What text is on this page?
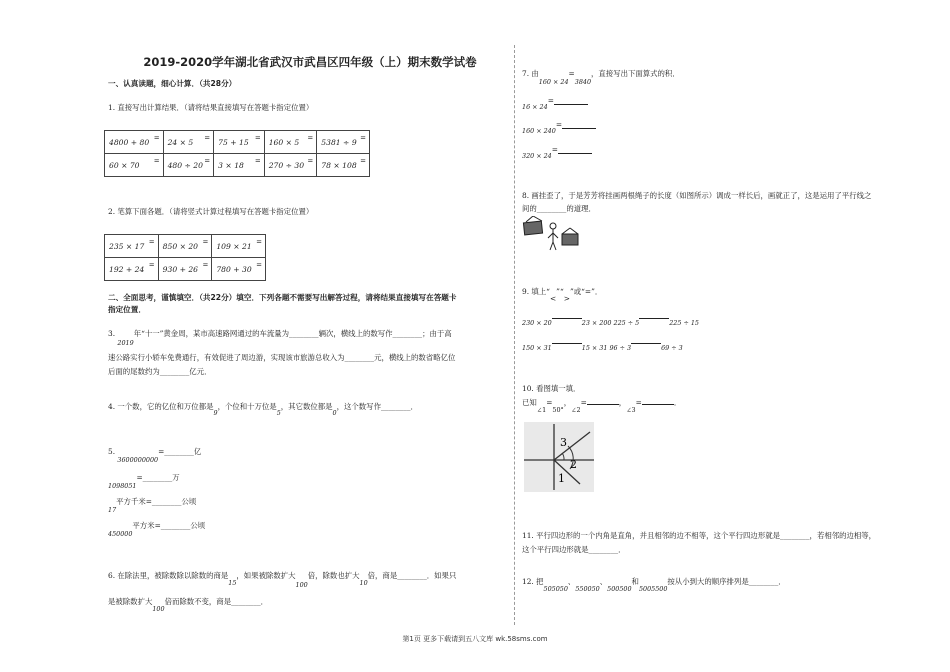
2019-2020学年湖北省武汉市武昌区四年级（上）期末数学试卷
一、认真读题，细心计算．（共28分）
1. 直接写出计算结果．（请将结果直接填写在答题卡指定位置）
4800 + 80 =	24 × 5 =	75 + 15 =	160 × 5 =	5381 ÷ 9 =

60 × 70 =	480 ÷ 20 =	3 × 18 =	270 ÷ 30 =	78 × 108 =
2. 笔算下面各题．（请将竖式计算过程填写在答题卡指定位置）
235 × 17 =	850 × 20 =	109 × 21 =

192 + 24 =	930 + 26 =	780 + 30 =
二、全面思考，谨慎填空．（共22分）填空．下列各题不需要写出解答过程，请将结果直接填写在答题卡
指定位置．
3. 2019年“十一”黄金周，某市高速路网通过的车流量为________辆次，横线上的数写作________；由于高
速公路实行小轿车免费通行，有效促进了周边游，实现该市旅游总收入为________元，横线上的数省略亿位
后面的尾数约为________亿元．
4. 一个数，它的亿位和万位都是9，个位和十万位是5，其它数位都是0，这个数写作________．
5. 3600000000=________亿
1098051=________万
17平方千米=________公顷
450000平方米=________公顷
6. 在除法里，被除数除以除数的商是15，如果被除数扩大100倍，除数也扩大10倍，商是________．如果只
是被除数扩大100倍而除数不变，商是________．
7. 由160 × 24=3840，直接写出下面算式的积．
16 × 24=
160 × 240=
320 × 24=
8. 画挂歪了，于是芳芳将挂画两根绳子的长度（如图所示）调成一样长后，画就正了，这是运用了平行线之
间的________的道理．
9. 填上“<”“>”或“=”．
230 × 20	23 × 200 225 ÷ 5	225 ÷ 15
150 × 31	15 × 31 96 ÷ 3	69 ÷ 3
10. 看图填一填．
已知∠1=50°，∠2=	，∠3=	．
3
2
1
11. 平行四边形的一个内角是直角，并且相邻的边不相等，这个平行四边形就是________，若相邻的边相等，
这个平行四边形就是________．
12. 把505050、550050、500500和5005500按从小到大的顺序排列是________．
第1页 更多下载请到五八文库 wk.58sms.com
